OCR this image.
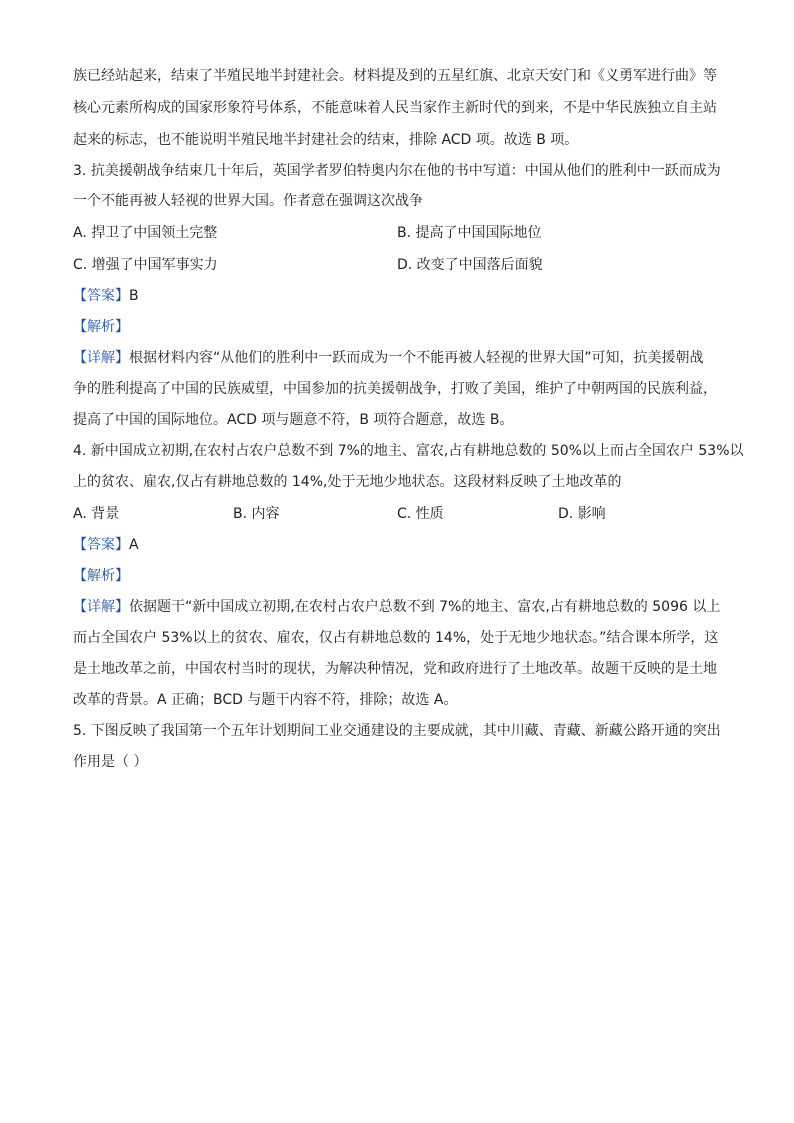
族已经站起来，结束了半殖民地半封建社会。材料提及到的五星红旗、北京天安门和《义勇军进行曲》等
核心元素所构成的国家形象符号体系，不能意味着人民当家作主新时代的到来，不是中华民族独立自主站
起来的标志，也不能说明半殖民地半封建社会的结束，排除 ACD 项。故选 B 项。
3. 抗美援朝战争结束几十年后，英国学者罗伯特奥内尔在他的书中写道：中国从他们的胜利中一跃而成为
一个不能再被人轻视的世界大国。作者意在强调这次战争
A. 捍卫了中国领土完整	B. 提高了中国国际地位
C. 增强了中国军事实力	D. 改变了中国落后面貌
【答案】B
【解析】
【详解】根据材料内容“从他们的胜利中一跃而成为一个不能再被人轻视的世界大国”可知，抗美援朝战
争的胜利提高了中国的民族威望，中国参加的抗美援朝战争，打败了美国，维护了中朝两国的民族利益，
提高了中国的国际地位。ACD 项与题意不符，B 项符合题意，故选 B。
4. 新中国成立初期,在农村占农户总数不到 7%的地主、富农,占有耕地总数的 50%以上而占全国农户 53%以
上的贫农、雇农,仅占有耕地总数的 14%,处于无地少地状态。这段材料反映了土地改革的
A. 背景	B. 内容	C. 性质	D. 影响
【答案】A
【解析】
【详解】依据题干“新中国成立初期,在农村占农户总数不到 7%的地主、富农,占有耕地总数的 5096 以上
而占全国农户 53%以上的贫农、雇农，仅占有耕地总数的 14%，处于无地少地状态。”结合课本所学，这
是土地改革之前，中国农村当时的现状，为解决种情况，党和政府进行了土地改革。故题干反映的是土地
改革的背景。A 正确；BCD 与题干内容不符，排除；故选 A。
5. 下图反映了我国第一个五年计划期间工业交通建设的主要成就，其中川藏、青藏、新藏公路开通的突出
作用是（ ）
